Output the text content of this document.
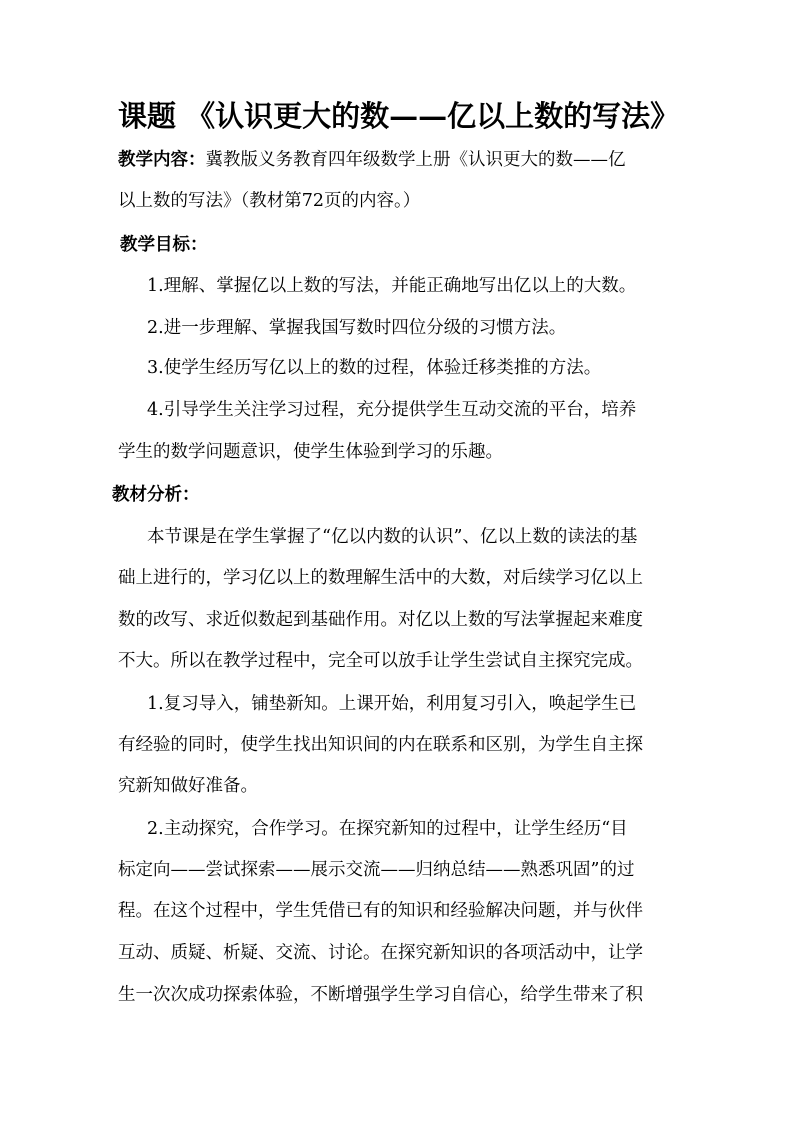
课题 《认识更大的数——亿以上数的写法》
教学内容：冀教版义务教育四年级数学上册《认识更大的数——亿
以上数的写法》（教材第72页的内容。）
教学目标：
1.理解、掌握亿以上数的写法，并能正确地写出亿以上的大数。
2.进一步理解、掌握我国写数时四位分级的习惯方法。
3.使学生经历写亿以上的数的过程，体验迁移类推的方法。
4.引导学生关注学习过程，充分提供学生互动交流的平台，培养
学生的数学问题意识，使学生体验到学习的乐趣。
教材分析：
本节课是在学生掌握了“亿以内数的认识”、亿以上数的读法的基
础上进行的，学习亿以上的数理解生活中的大数，对后续学习亿以上
数的改写、求近似数起到基础作用。对亿以上数的写法掌握起来难度
不大。所以在教学过程中，完全可以放手让学生尝试自主探究完成。
1.复习导入，铺垫新知。上课开始，利用复习引入，唤起学生已
有经验的同时，使学生找出知识间的内在联系和区别，为学生自主探
究新知做好准备。
2.主动探究，合作学习。在探究新知的过程中，让学生经历“目
标定向——尝试探索——展示交流——归纳总结——熟悉巩固”的过
程。在这个过程中，学生凭借已有的知识和经验解决问题，并与伙伴
互动、质疑、析疑、交流、讨论。在探究新知识的各项活动中，让学
生一次次成功探索体验，不断增强学生学习自信心，给学生带来了积
